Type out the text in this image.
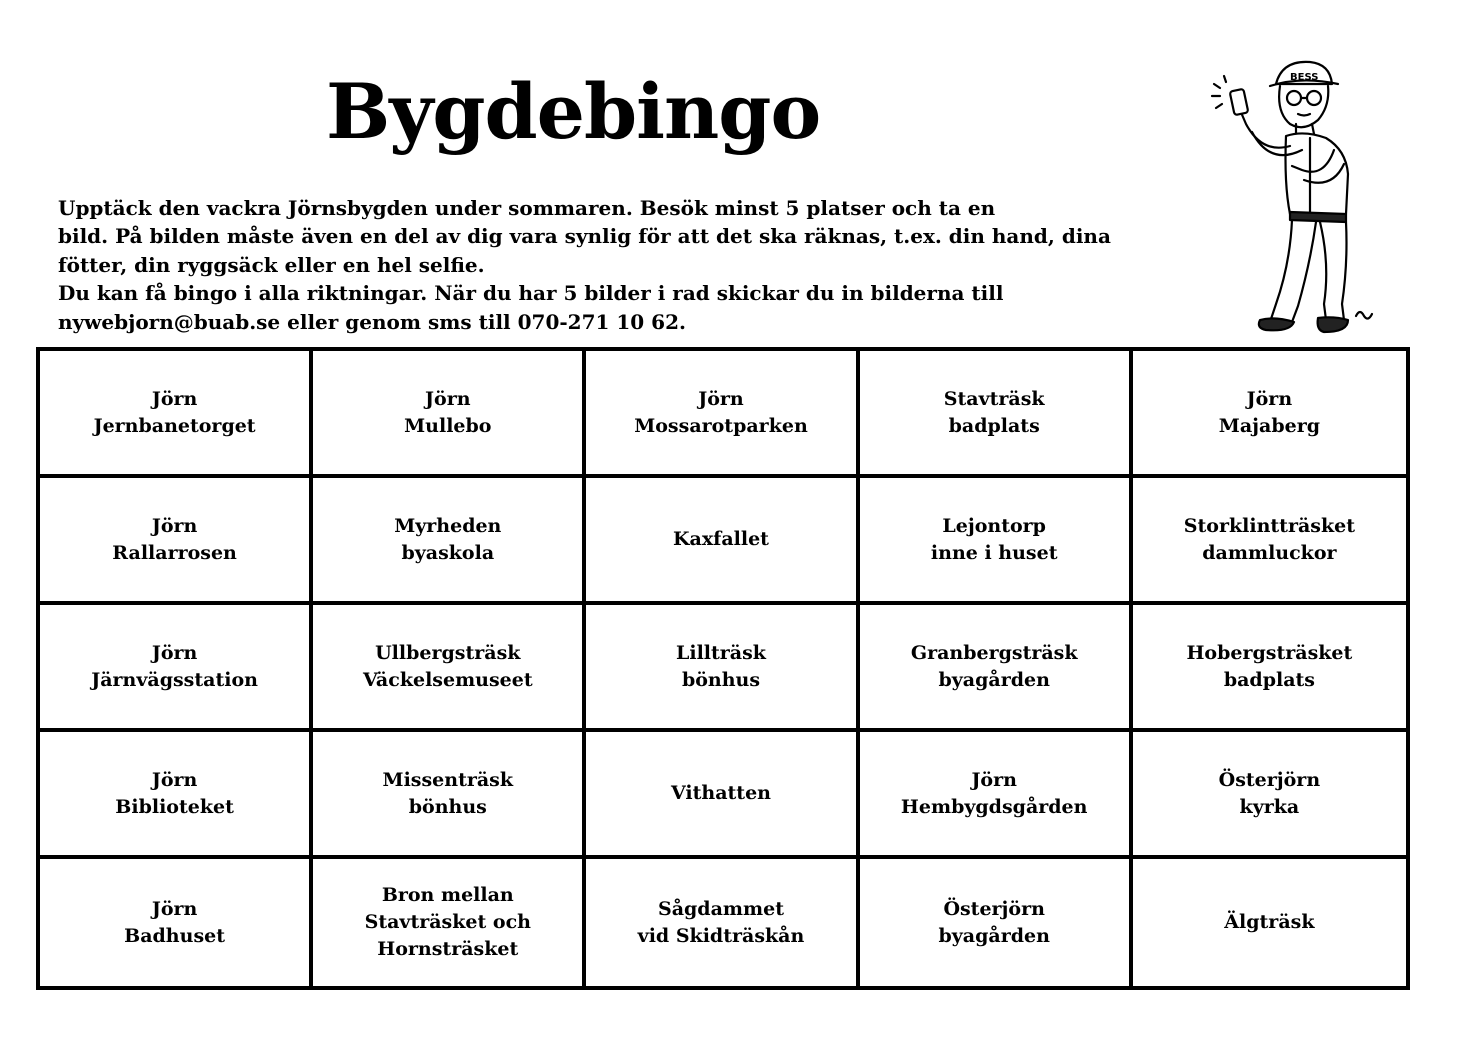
Bygdebingo

Upptäck den vackra Jörnsbygden under sommaren. Besök minst 5 platser och ta en
bild. På bilden måste även en del av dig vara synlig för att det ska räknas, t.ex. din hand, dina
fötter, din ryggsäck eller en hel selfie.

Du kan få bingo i alla riktningar. När du har 5 bilder i rad skickar du in bilderna till
nywebjorn@buab.se eller genom sms till 070-271 10 62.

BESS
Jörn
Jernbanetorget
Jörn
Mullebo
Jörn
Mossarotparken
Stavträsk
badplats
Jörn
Majaberg
Jörn
Rallarrosen
Myrheden
byaskola
Kaxfallet
Lejontorp
inne i huset
Storklintträsket
dammluckor
Jörn
Järnvägsstation
Ullbergsträsk
Väckelsemuseet
Lillträsk
bönhus
Granbergsträsk
byagården
Hobergsträsket
badplats
Jörn
Biblioteket
Missenträsk
bönhus
Vithatten
Jörn
Hembygdsgården
Österjörn
kyrka
Jörn
Badhuset
Bron mellan
Stavträsket och
Hornsträsket
Sågdammet
vid Skidträskån
Österjörn
byagården
Älgträsk
